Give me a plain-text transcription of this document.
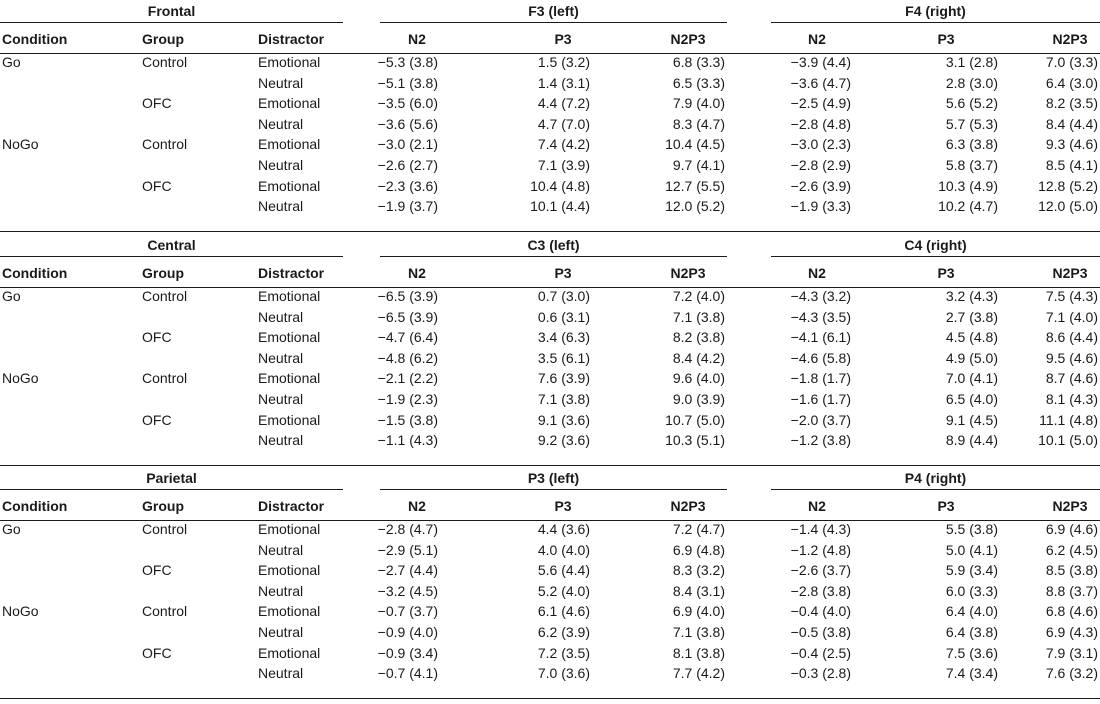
Frontal	F3 (left)	F4 (right)
Condition	Group	Distractor	N2	P3	N2P3	N2	P3	N2P3
Go	Control	Emotional	−5.3 (3.8)	1.5 (3.2)	6.8 (3.3)	−3.9 (4.4)	3.1 (2.8)	7.0 (3.3)
Neutral	−5.1 (3.8)	1.4 (3.1)	6.5 (3.3)	−3.6 (4.7)	2.8 (3.0)	6.4 (3.0)
OFC	Emotional	−3.5 (6.0)	4.4 (7.2)	7.9 (4.0)	−2.5 (4.9)	5.6 (5.2)	8.2 (3.5)
Neutral	−3.6 (5.6)	4.7 (7.0)	8.3 (4.7)	−2.8 (4.8)	5.7 (5.3)	8.4 (4.4)
NoGo	Control	Emotional	−3.0 (2.1)	7.4 (4.2)	10.4 (4.5)	−3.0 (2.3)	6.3 (3.8)	9.3 (4.6)
Neutral	−2.6 (2.7)	7.1 (3.9)	9.7 (4.1)	−2.8 (2.9)	5.8 (3.7)	8.5 (4.1)
OFC	Emotional	−2.3 (3.6)	10.4 (4.8)	12.7 (5.5)	−2.6 (3.9)	10.3 (4.9)	12.8 (5.2)
Neutral	−1.9 (3.7)	10.1 (4.4)	12.0 (5.2)	−1.9 (3.3)	10.2 (4.7)	12.0 (5.0)
Central	C3 (left)	C4 (right)
Condition	Group	Distractor	N2	P3	N2P3	N2	P3	N2P3
Go	Control	Emotional	−6.5 (3.9)	0.7 (3.0)	7.2 (4.0)	−4.3 (3.2)	3.2 (4.3)	7.5 (4.3)
Neutral	−6.5 (3.9)	0.6 (3.1)	7.1 (3.8)	−4.3 (3.5)	2.7 (3.8)	7.1 (4.0)
OFC	Emotional	−4.7 (6.4)	3.4 (6.3)	8.2 (3.8)	−4.1 (6.1)	4.5 (4.8)	8.6 (4.4)
Neutral	−4.8 (6.2)	3.5 (6.1)	8.4 (4.2)	−4.6 (5.8)	4.9 (5.0)	9.5 (4.6)
NoGo	Control	Emotional	−2.1 (2.2)	7.6 (3.9)	9.6 (4.0)	−1.8 (1.7)	7.0 (4.1)	8.7 (4.6)
Neutral	−1.9 (2.3)	7.1 (3.8)	9.0 (3.9)	−1.6 (1.7)	6.5 (4.0)	8.1 (4.3)
OFC	Emotional	−1.5 (3.8)	9.1 (3.6)	10.7 (5.0)	−2.0 (3.7)	9.1 (4.5)	11.1 (4.8)
Neutral	−1.1 (4.3)	9.2 (3.6)	10.3 (5.1)	−1.2 (3.8)	8.9 (4.4)	10.1 (5.0)
Parietal	P3 (left)	P4 (right)
Condition	Group	Distractor	N2	P3	N2P3	N2	P3	N2P3
Go	Control	Emotional	−2.8 (4.7)	4.4 (3.6)	7.2 (4.7)	−1.4 (4.3)	5.5 (3.8)	6.9 (4.6)
Neutral	−2.9 (5.1)	4.0 (4.0)	6.9 (4.8)	−1.2 (4.8)	5.0 (4.1)	6.2 (4.5)
OFC	Emotional	−2.7 (4.4)	5.6 (4.4)	8.3 (3.2)	−2.6 (3.7)	5.9 (3.4)	8.5 (3.8)
Neutral	−3.2 (4.5)	5.2 (4.0)	8.4 (3.1)	−2.8 (3.8)	6.0 (3.3)	8.8 (3.7)
NoGo	Control	Emotional	−0.7 (3.7)	6.1 (4.6)	6.9 (4.0)	−0.4 (4.0)	6.4 (4.0)	6.8 (4.6)
Neutral	−0.9 (4.0)	6.2 (3.9)	7.1 (3.8)	−0.5 (3.8)	6.4 (3.8)	6.9 (4.3)
OFC	Emotional	−0.9 (3.4)	7.2 (3.5)	8.1 (3.8)	−0.4 (2.5)	7.5 (3.6)	7.9 (3.1)
Neutral	−0.7 (4.1)	7.0 (3.6)	7.7 (4.2)	−0.3 (2.8)	7.4 (3.4)	7.6 (3.2)
